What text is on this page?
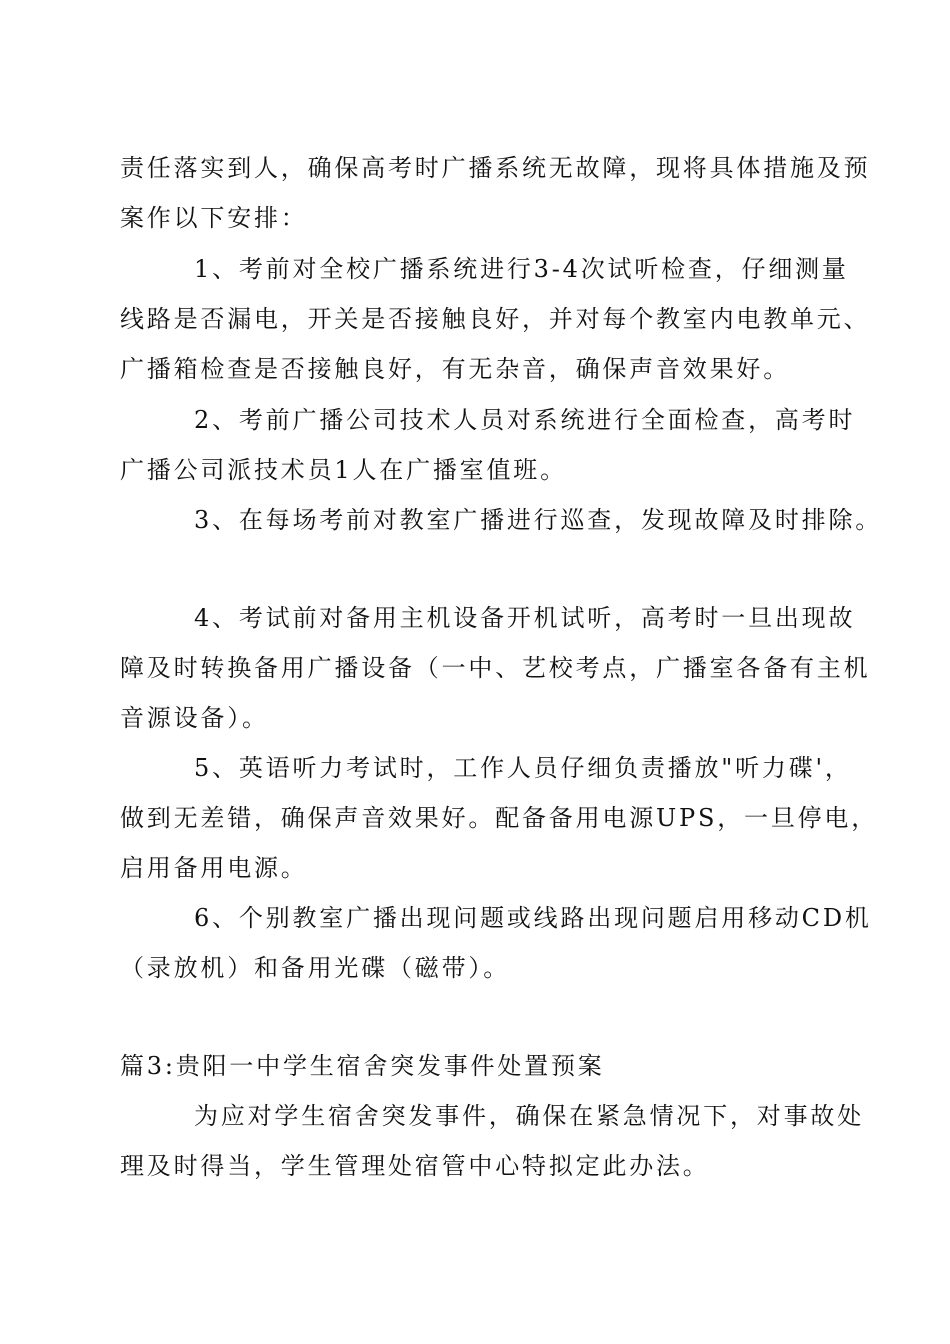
责任落实到人，确保高考时广播系统无故障，现将具体措施及预
案作以下安排：
1、考前对全校广播系统进行3-4次试听检查，仔细测量
线路是否漏电，开关是否接触良好，并对每个教室内电教单元、
广播箱检查是否接触良好，有无杂音，确保声音效果好。
2、考前广播公司技术人员对系统进行全面检查，高考时
广播公司派技术员1人在广播室值班。
3、在每场考前对教室广播进行巡查，发现故障及时排除。
4、考试前对备用主机设备开机试听，高考时一旦出现故
障及时转换备用广播设备（一中、艺校考点，广播室各备有主机
音源设备）。
5、英语听力考试时，工作人员仔细负责播放"听力碟'，
做到无差错，确保声音效果好。配备备用电源UPS，一旦停电，
启用备用电源。
6、个别教室广播出现问题或线路出现问题启用移动CD机
（录放机）和备用光碟（磁带）。
篇3:贵阳一中学生宿舍突发事件处置预案
为应对学生宿舍突发事件，确保在紧急情况下，对事故处
理及时得当，学生管理处宿管中心特拟定此办法。
